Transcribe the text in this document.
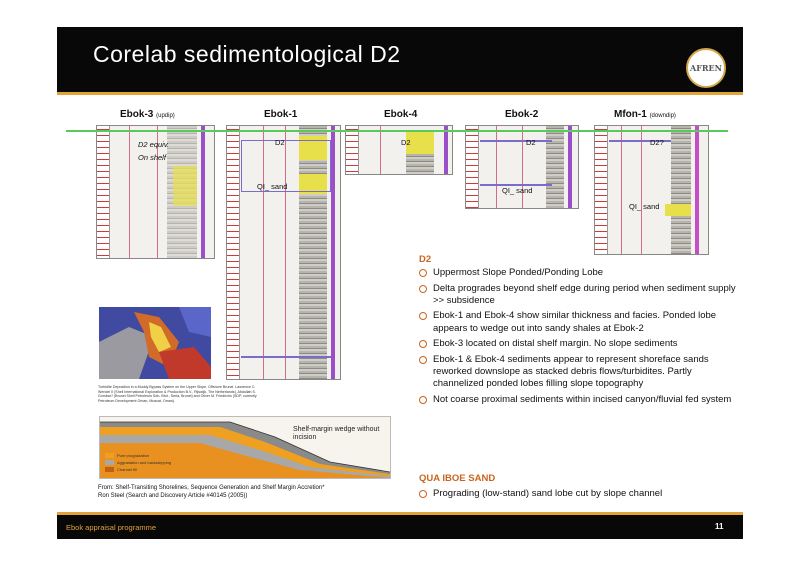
Corelab sedimentological D2
AFREN
Ebok-3 (updip)	Ebok-1	Ebok-4	Ebok-2	Mfon-1 (downdip)
D2 equiv.
On shelf
D2
QI_ sand
D2	D2
QI_ sand
D2?
QI_ sand
D2
Uppermost Slope Ponded/Ponding Lobe
Delta progrades beyond shelf edge during period when sediment supply >> subsidence
Ebok-1 and Ebok-4 show similar thickness and facies. Ponded lobe appears to wedge out into sandy shales at Ebok-2
Ebok-3 located on distal shelf margin. No slope sediments
Ebok-1 & Ebok-4 sediments appear to represent shoreface sands reworked downslope as stacked debris flows/turbidites. Partly channelized ponded lobes filling slope topography
Not coarse proximal sediments within incised canyon/fluvial fed system
QUA IBOE SAND
Prograding (low-stand) sand lobe cut by slope channel
Turbidite Deposition in a Muddy Bypass System on the Upper Slope, Offshore Brunei. Lawrence C. Wendel II (Shell International Exploration & Production B.V., Rijswijk, The Netherlands), Abdullah S. Gumbar? (Brunei Shell Petroleum Sdn. Bhd., Seria, Brunei) and Oliver M. Friedrichs (SDP, currently Petroleum Development Oman, Muscat, Oman).
Shelf-margin wedge without incision
Pure progradation
Aggradation and backstepping
Channel fill
From: Shelf-Transiting Shorelines, Sequence Generation and Shelf Margin Accretion*
Ron Steel (Search and Discovery Article #40145 (2005))
Ebok appraisal programme	11
